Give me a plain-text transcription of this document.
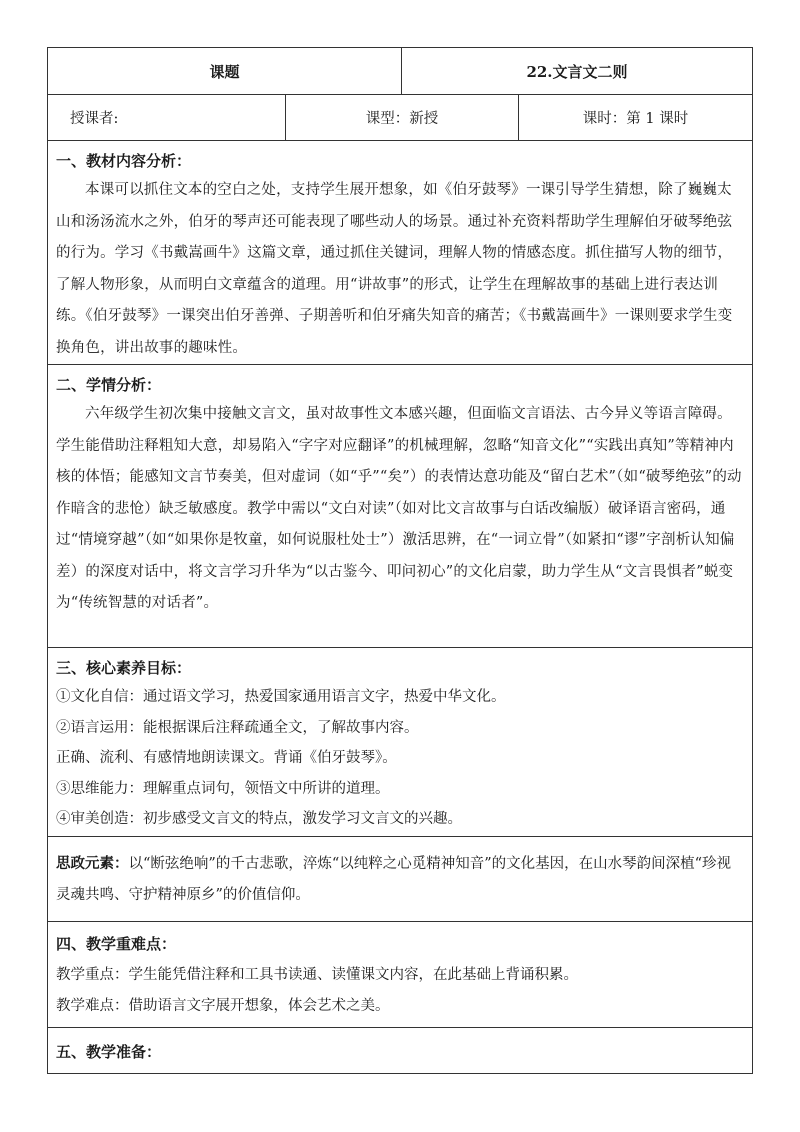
课题	22.文言文二则
授课者:	课型：新授	课时：第 1 课时
一、教材内容分析：

本课可以抓住文本的空白之处，支持学生展开想象，如《伯牙鼓琴》一课引导学生猜想，除了巍巍太山和汤汤流水之外，伯牙的琴声还可能表现了哪些动人的场景。通过补充资料帮助学生理解伯牙破琴绝弦的行为。学习《书戴嵩画牛》这篇文章，通过抓住关键词，理解人物的情感态度。抓住描写人物的细节，了解人物形象，从而明白文章蕴含的道理。用“讲故事”的形式，让学生在理解故事的基础上进行表达训练。《伯牙鼓琴》一课突出伯牙善弹、子期善听和伯牙痛失知音的痛苦；《书戴嵩画牛》一课则要求学生变换角色，讲出故事的趣味性。

二、学情分析：

六年级学生初次集中接触文言文，虽对故事性文本感兴趣，但面临文言语法、古今异义等语言障碍。学生能借助注释粗知大意，却易陷入“字字对应翻译”的机械理解，忽略“知音文化”“实践出真知”等精神内核的体悟；能感知文言节奏美，但对虚词（如“乎”“矣”）的表情达意功能及“留白艺术”（如“破琴绝弦”的动作暗含的悲怆）缺乏敏感度。教学中需以“文白对读”（如对比文言故事与白话改编版）破译语言密码，通过“情境穿越”（如“如果你是牧童，如何说服杜处士”）激活思辨，在“一词立骨”（如紧扣“谬”字剖析认知偏差）的深度对话中，将文言学习升华为“以古鉴今、叩问初心”的文化启蒙，助力学生从“文言畏惧者”蜕变为“传统智慧的对话者”。

三、核心素养目标：

①文化自信：通过语文学习，热爱国家通用语言文字，热爱中华文化。

②语言运用：能根据课后注释疏通全文，了解故事内容。

正确、流利、有感情地朗读课文。背诵《伯牙鼓琴》。

③思维能力：理解重点词句，领悟文中所讲的道理。

④审美创造：初步感受文言文的特点，激发学习文言文的兴趣。

思政元素：以“断弦绝响”的千古悲歌，淬炼“以纯粹之心觅精神知音”的文化基因，在山水琴韵间深植“珍视灵魂共鸣、守护精神原乡”的价值信仰。

四、教学重难点：

教学重点：学生能凭借注释和工具书读通、读懂课文内容，在此基础上背诵积累。

教学难点：借助语言文字展开想象，体会艺术之美。

五、教学准备：
